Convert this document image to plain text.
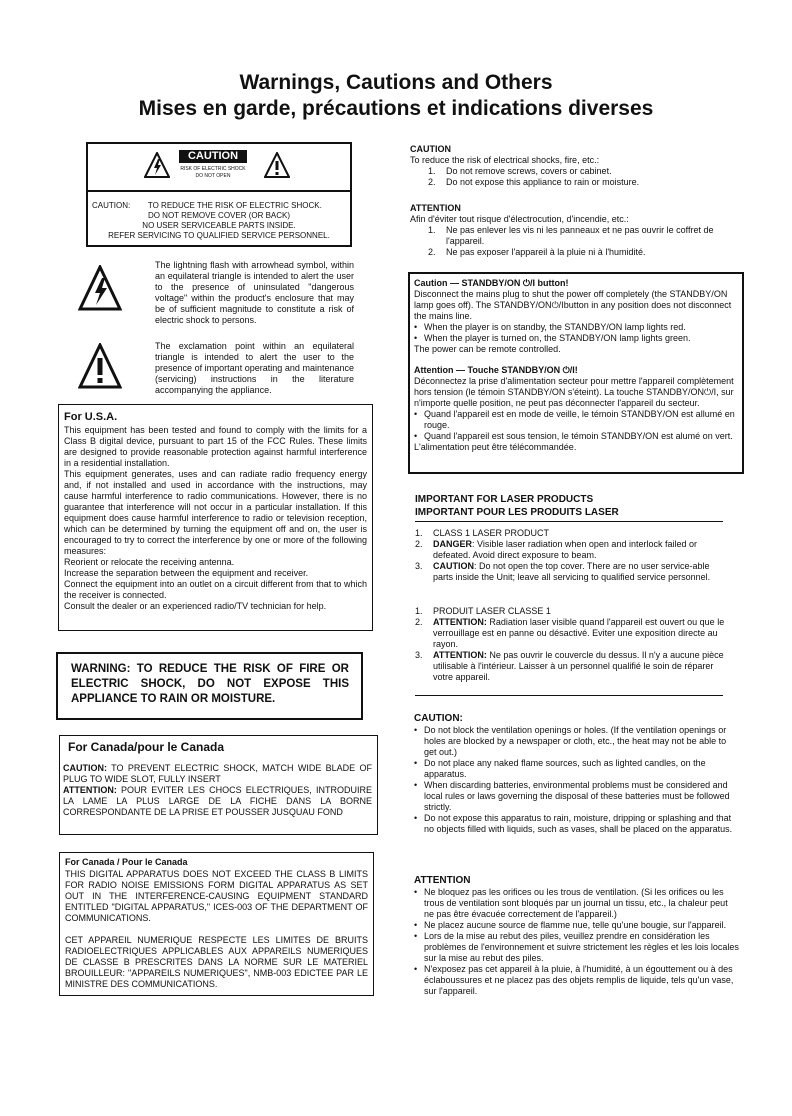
Warnings, Cautions and Others
Mises en garde, précautions et indications diverses
CAUTION
RISK OF ELECTRIC SHOCK
DO NOT OPEN
CAUTION:        TO REDUCE THE RISK OF ELECTRIC SHOCK.
DO NOT REMOVE COVER (OR BACK)
NO USER SERVICEABLE PARTS INSIDE.
REFER SERVICING TO QUALIFIED SERVICE PERSONNEL.
The lightning flash with arrowhead symbol, within an equilateral triangle is intended to alert the user to the presence of uninsulated "dangerous voltage" within the product's enclosure that may be of sufficient magnitude to constitute a risk of electric shock to persons.
The exclamation point within an equilateral triangle is intended to alert the user to the presence of important operating and maintenance (servicing) instructions in the literature accompanying the appliance.
For U.S.A.
This equipment has been tested and found to comply with the limits for a Class B digital device, pursuant to part 15 of the FCC Rules. These limits are designed to provide reasonable protection against harmful interference in a residential installation.
This equipment generates, uses and can radiate radio frequency energy and, if not installed and used in accordance with the instructions, may cause harmful interference to radio communications. However, there is no guarantee that interference will not occur in a particular installation. If this equipment does cause harmful interference to radio or television reception, which can be determined by turning the equipment off and on, the user is encouraged to try to correct the interference by one or more of the following measures:
Reorient or relocate the receiving antenna.
Increase the separation between the equipment and receiver.
Connect the equipment into an outlet on a circuit different from that to which the receiver is connected.
Consult the dealer or an experienced radio/TV technician for help.
WARNING: TO REDUCE THE RISK OF FIRE OR ELECTRIC SHOCK, DO NOT EXPOSE THIS APPLIANCE TO RAIN OR MOISTURE.
For Canada/pour le Canada
CAUTION: TO PREVENT ELECTRIC SHOCK, MATCH WIDE BLADE OF PLUG TO WIDE SLOT, FULLY INSERT
ATTENTION: POUR EVITER LES CHOCS ELECTRIQUES, INTRODUIRE LA LAME LA PLUS LARGE DE LA FICHE DANS LA BORNE CORRESPONDANTE DE LA PRISE ET POUSSER JUSQUAU FOND
For Canada / Pour le Canada
THIS DIGITAL APPARATUS DOES NOT EXCEED THE CLASS B LIMITS FOR RADIO NOISE EMISSIONS FORM DIGITAL APPARATUS AS SET OUT IN THE INTERFERENCE-CAUSING EQUIPMENT STANDARD ENTITLED "DIGITAL APPARATUS," ICES-003 OF THE DEPARTMENT OF COMMUNICATIONS.
CET APPAREIL NUMERIQUE RESPECTE LES LIMITES DE BRUITS RADIOELECTRIQUES APPLICABLES AUX APPAREILS NUMERIQUES DE CLASSE B PRESCRITES DANS LA NORME SUR LE MATERIEL BROUILLEUR: "APPAREILS NUMERIQUES", NMB-003 EDICTEE PAR LE MINISTRE DES COMMUNICATIONS.
CAUTION
To reduce the risk of electrical shocks, fire, etc.:
1. Do not remove screws, covers or cabinet.
2. Do not expose this appliance to rain or moisture.
ATTENTION
Afin d'éviter tout risque d'électrocution, d'incendie, etc.:
1. Ne pas enlever les vis ni les panneaux et ne pas ouvrir le coffret de l'appareil.
2. Ne pas exposer l'appareil à la pluie ni à l'humidité.
Caution — STANDBY/ON ⏻/I button!
Disconnect the mains plug to shut the power off completely (the STANDBY/ON lamp goes off). The STANDBY/ON⏻/Ibutton in any position does not disconnect the mains line.
• When the player is on standby, the STANDBY/ON lamp lights red.
• When the player is turned on, the STANDBY/ON lamp lights green.
The power can be remote controlled.
Attention — Touche STANDBY/ON ⏻/I!
Déconnectez la prise d'alimentation secteur pour mettre l'appareil complètement hors tension (le témoin STANDBY/ON s'éteint). La touche STANDBY/ON⏻/I, sur n'importe quelle position, ne peut pas déconnecter l'appareil du secteur.
• Quand l'appareil est en mode de veille, le témoin STANDBY/ON est allumé en rouge.
• Quand l'appareil est sous tension, le témoin STANDBY/ON est alumé on vert.
L'alimentation peut être télécommandée.
IMPORTANT FOR LASER PRODUCTS
IMPORTANT POUR LES PRODUITS LASER
1. CLASS 1 LASER PRODUCT
2. DANGER: Visible laser radiation when open and interlock failed or defeated. Avoid direct exposure to beam.
3. CAUTION: Do not open the top cover. There are no user service-able parts inside the Unit; leave all servicing to qualified service personnel.
1. PRODUIT LASER CLASSE 1
2. ATTENTION: Radiation laser visible quand l'appareil est ouvert ou que le verrouillage est en panne ou désactivé. Eviter une exposition directe au rayon.
3. ATTENTION: Ne pas ouvrir le couvercle du dessus. Il n'y a aucune pièce utilisable à l'intérieur. Laisser à un personnel qualifié le soin de réparer votre appareil.
CAUTION:
• Do not block the ventilation openings or holes. (If the ventilation openings or holes are blocked by a newspaper or cloth, etc., the heat may not be able to get out.)
• Do not place any naked flame sources, such as lighted candles, on the apparatus.
• When discarding batteries, environmental problems must be considered and local rules or laws governing the disposal of these batteries must be followed strictly.
• Do not expose this apparatus to rain, moisture, dripping or splashing and that no objects filled with liquids, such as vases, shall be placed on the apparatus.
ATTENTION
• Ne bloquez pas les orifices ou les trous de ventilation. (Si les orifices ou les trous de ventilation sont bloqués par un journal un tissu, etc., la chaleur peut ne pas être évacuée correctement de l'appareil.)
• Ne placez aucune source de flamme nue, telle qu'une bougie, sur l'appareil.
• Lors de la mise au rebut des piles, veuillez prendre en considération les problèmes de l'environnement et suivre strictement les règles et les lois locales sur la mise au rebut des piles.
• N'exposez pas cet appareil à la pluie, à l'humidité, à un égouttement ou à des éclaboussures et ne placez pas des objets remplis de liquide, tels qu'un vase, sur l'appareil.
